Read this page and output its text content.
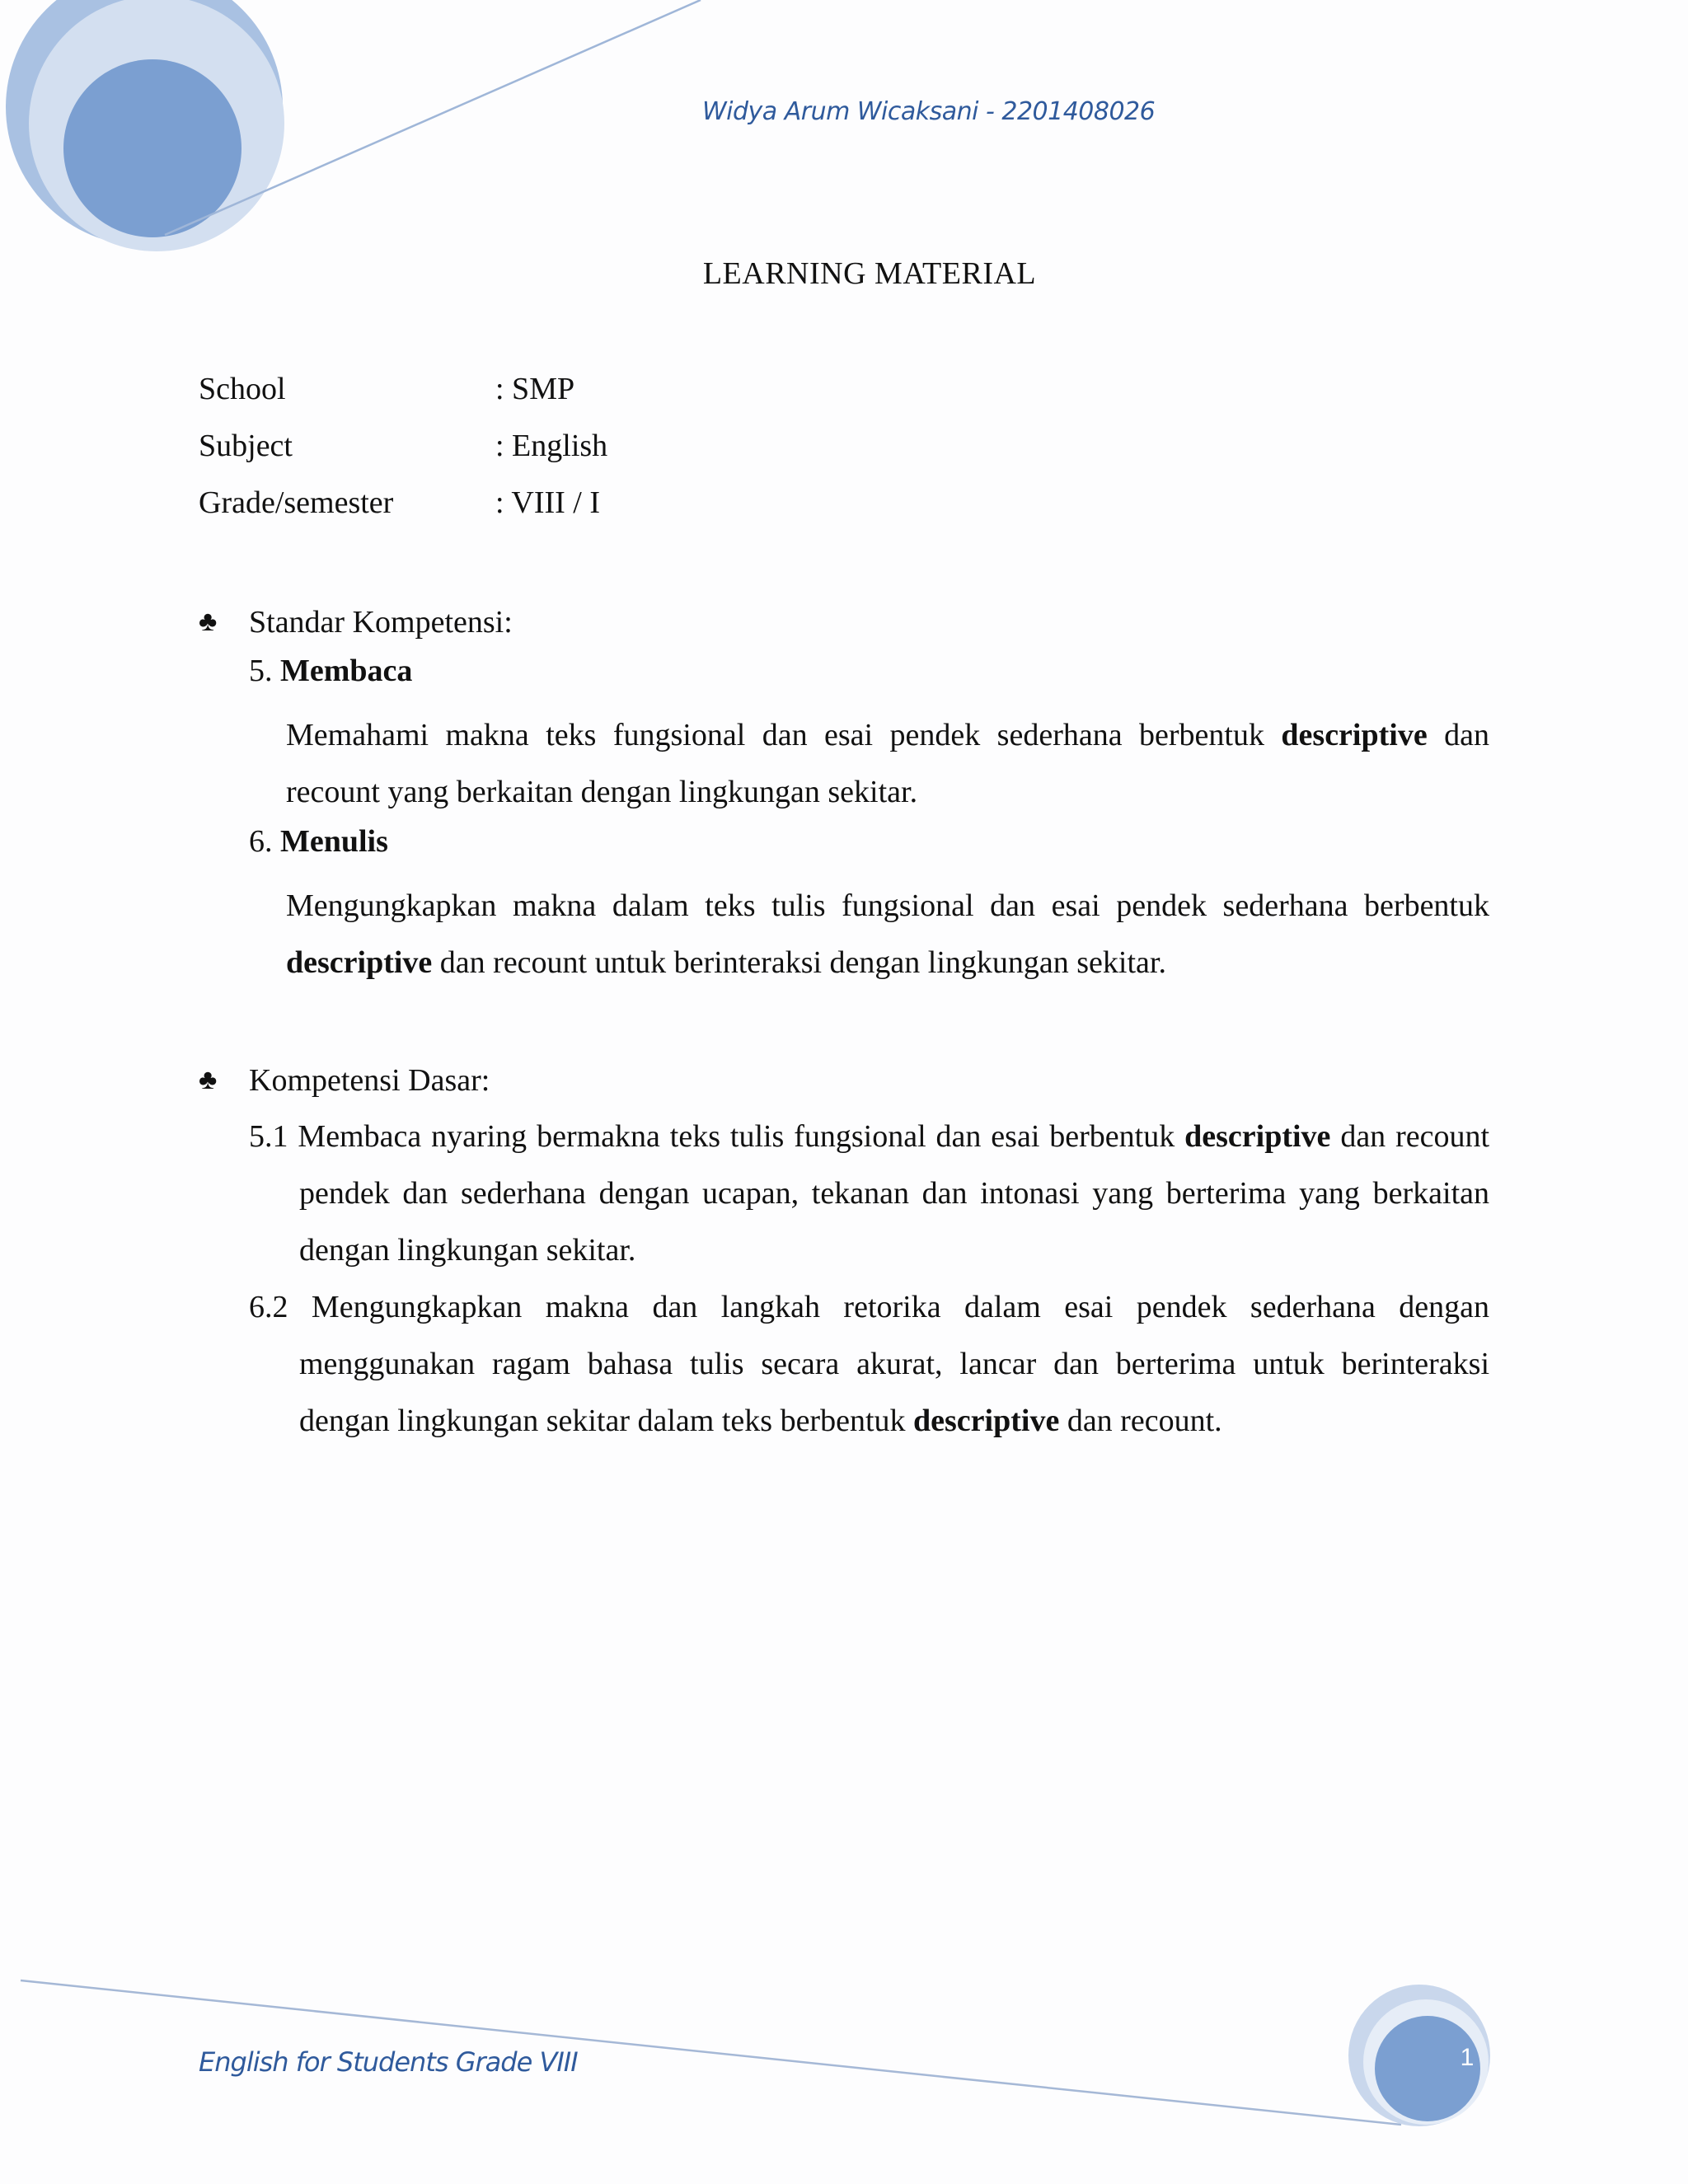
Widya Arum Wicaksani - 2201408026
LEARNING MATERIAL
School	: SMP
Subject	: English
Grade/semester	: VIII / I
♣	Standar Kompetensi:
5. Membaca
Memahami makna teks fungsional dan esai pendek sederhana berbentuk descriptive dan recount yang berkaitan dengan lingkungan sekitar.
6. Menulis
Mengungkapkan makna dalam teks tulis fungsional dan esai pendek sederhana berbentuk descriptive dan recount untuk berinteraksi dengan lingkungan sekitar.
♣	Kompetensi Dasar:
5.1 Membaca nyaring bermakna teks tulis fungsional dan esai berbentuk descriptive dan recount pendek dan sederhana dengan ucapan, tekanan dan intonasi yang berterima yang berkaitan dengan lingkungan sekitar.
6.2 Mengungkapkan makna dan langkah retorika dalam esai pendek sederhana dengan menggunakan ragam bahasa tulis secara akurat, lancar dan berterima untuk berinteraksi dengan lingkungan sekitar dalam teks berbentuk descriptive dan recount.
English for Students Grade VIII	1
